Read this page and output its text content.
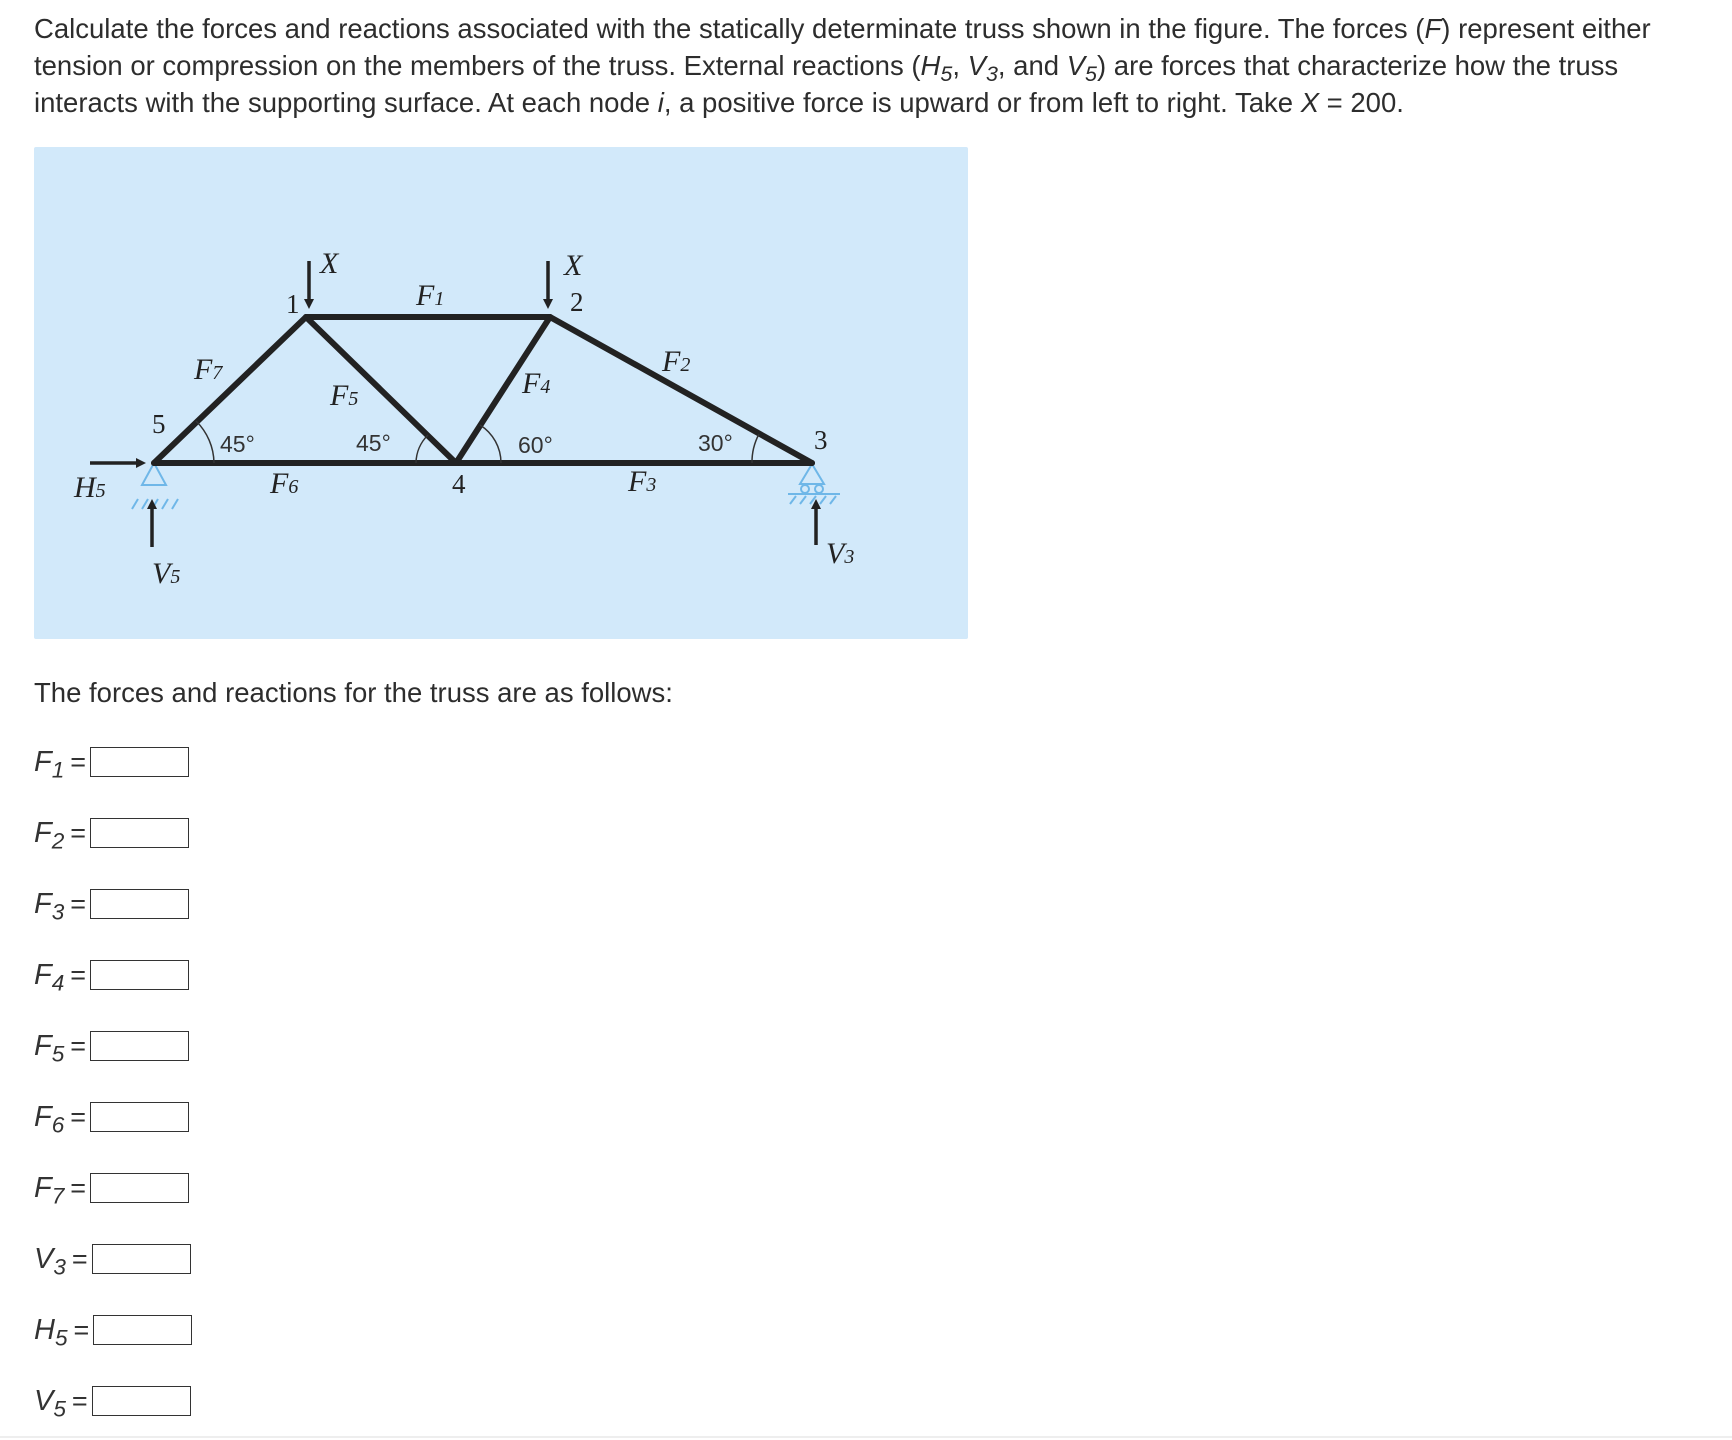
Calculate the forces and reactions associated with the statically determinate truss shown in the figure. The forces (F) represent either tension or compression on the members of the truss. External reactions ($H_5$, $V_3$, and $V_5$) are forces that characterize how the truss interacts with the supporting surface. At each node i, a positive force is upward or from left to right. Take X = 200.

1	2
3
4
5
X	X
F1
F2
F3
F4
F5
F6
F7
H5
V5
V3
45°	45°	60°	30°

The forces and reactions for the truss are as follows:

$F_1$ =
$F_2$ =
$F_3$ =
$F_4$ =
$F_5$ =
$F_6$ =
$F_7$ =
$V_3$ =
$H_5$ =
$V_5$ =
